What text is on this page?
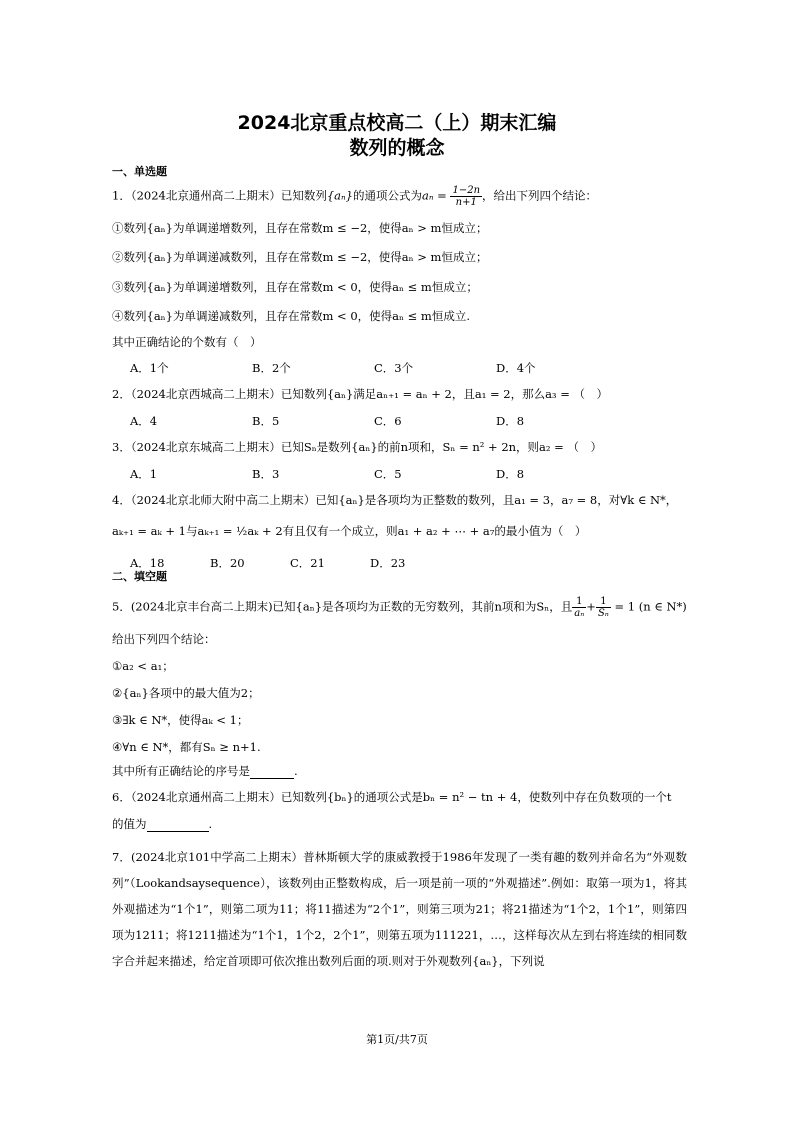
2024北京重点校高二（上）期末汇编
数列的概念
一、单选题
1．（2024北京通州高二上期末）已知数列{aₙ}的通项公式为$a_n = \frac{1-2n}{n+1}$ ，给出下列四个结论：
①数列{aₙ}为单调递增数列，且存在常数m ≤ −2，使得aₙ > m恒成立；
②数列{aₙ}为单调递减数列，且存在常数m ≤ −2，使得aₙ > m恒成立；
③数列{aₙ}为单调递增数列，且存在常数m < 0，使得aₙ ≤ m恒成立；
④数列{aₙ}为单调递减数列，且存在常数m < 0，使得aₙ ≤ m恒成立.
其中正确结论的个数有（　）
A．1个	B．2个	C．3个	D．4个
2．（2024北京西城高二上期末）已知数列{aₙ}满足aₙ₊₁ = aₙ + 2，且a₁ = 2，那么a₃ = （　）
A．4	B．5	C．6	D．8
3．（2024北京东城高二上期末）已知Sₙ是数列{aₙ}的前n项和，Sₙ = n² + 2n，则a₂ = （　）
A．1	B．3	C．5	D．8
4．（2024北京北师大附中高二上期末）已知{aₙ}是各项均为正整数的数列，且a₁ = 3，a₇ = 8，对∀k ∈ N*，
aₖ₊₁ = aₖ + 1与aₖ₊₁ = ½aₖ + 2有且仅有一个成立，则a₁ + a₂ + ⋯ + a₇的最小值为（　）
A．18	B．20	C．21	D．23
二、填空题
5．(2024北京丰台高二上期末)已知{aₙ}是各项均为正数的无穷数列，其前n项和为Sₙ，且 $\frac{1}{\text{aₙ}} + \frac{1}{\text{Sₙ}} = 1$ (n ∈ N*)
给出下列四个结论：
①a₂ < a₁；
②{aₙ}各项中的最大值为2；
③∃k ∈ N*，使得aₖ < 1；
④∀n ∈ N*，都有Sₙ ≥ n+1.
其中所有正确结论的序号是	.
6．（2024北京通州高二上期末）已知数列{bₙ}的通项公式是bₙ = n² − tn + 4，使数列中存在负数项的一个t
的值为	.
7．(2024北京101中学高二上期末）普林斯顿大学的康威教授于1986年发现了一类有趣的数列并命名为“外观数列”（Lookandsaysequence），该数列由正整数构成，后一项是前一项的“外观描述”.例如：取第一项为1，将其外观描述为“1个1”，则第二项为11；将11描述为“2个1”，则第三项为21；将21描述为“1个2，1个1”，则第四项为1211；将1211描述为“1个1，1个2，2个1”，则第五项为111221，…，这样每次从左到右将连续的相同数字合并起来描述，给定首项即可依次推出数列后面的项.则对于外观数列{aₙ}，下列说
第1页/共7页
